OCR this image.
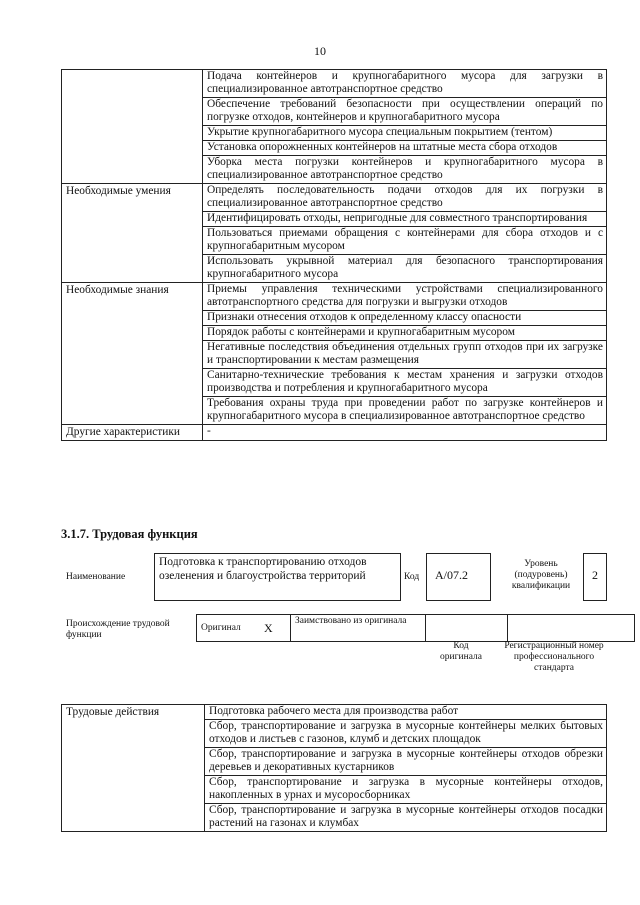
10
	Подача контейнеров и крупногабаритного мусора для загрузки в специализированное автотранспортное средство
	Обеспечение требований безопасности при осуществлении операций по погрузке отходов, контейнеров и крупногабаритного мусора
	Укрытие крупногабаритного мусора специальным покрытием (тентом)
	Установка опорожненных контейнеров на штатные места сбора отходов
	Уборка места погрузки контейнеров и крупногабаритного мусора в специализированное автотранспортное средство
Необходимые умения	Определять последовательность подачи отходов для их погрузки в специализированное автотранспортное средство
	Идентифицировать отходы, непригодные для совместного транспортирования
	Пользоваться приемами обращения с контейнерами для сбора отходов и с крупногабаритным мусором
	Использовать укрывной материал для безопасного транспортирования крупногабаритного мусора
Необходимые знания	Приемы управления техническими устройствами специализированного автотранспортного средства для погрузки и выгрузки отходов
	Признаки отнесения отходов к определенному классу опасности
	Порядок работы с контейнерами и крупногабаритным мусором
	Негативные последствия объединения отдельных групп отходов при их загрузке и транспортировании к местам размещения
	Санитарно-технические требования к местам хранения и загрузки отходов производства и потребления и крупногабаритного мусора
	Требования охраны труда при проведении работ по загрузке контейнеров и крупногабаритного мусора в специализированное автотранспортное средство
Другие характеристики	-
3.1.7. Трудовая функция
Наименование
Подготовка к транспортированию отходов озеленения и благоустройства территорий	Код	А/07.2
Уровень (подуровень) квалификации
2
Происхождение трудовой функции
Оригинал	X	Заимствовано из оригинала		
Код оригинала
Регистрационный номер профессионального стандарта
Трудовые действия	Подготовка рабочего места для производства работ
Сбор, транспортирование и загрузка в мусорные контейнеры мелких бытовых отходов и листьев с газонов, клумб и детских площадок
Сбор, транспортирование и загрузка в мусорные контейнеры отходов обрезки деревьев и декоративных кустарников
Сбор, транспортирование и загрузка в мусорные контейнеры отходов, накопленных в урнах и мусоросборниках
Сбор, транспортирование и загрузка в мусорные контейнеры отходов посадки растений на газонах и клумбах
